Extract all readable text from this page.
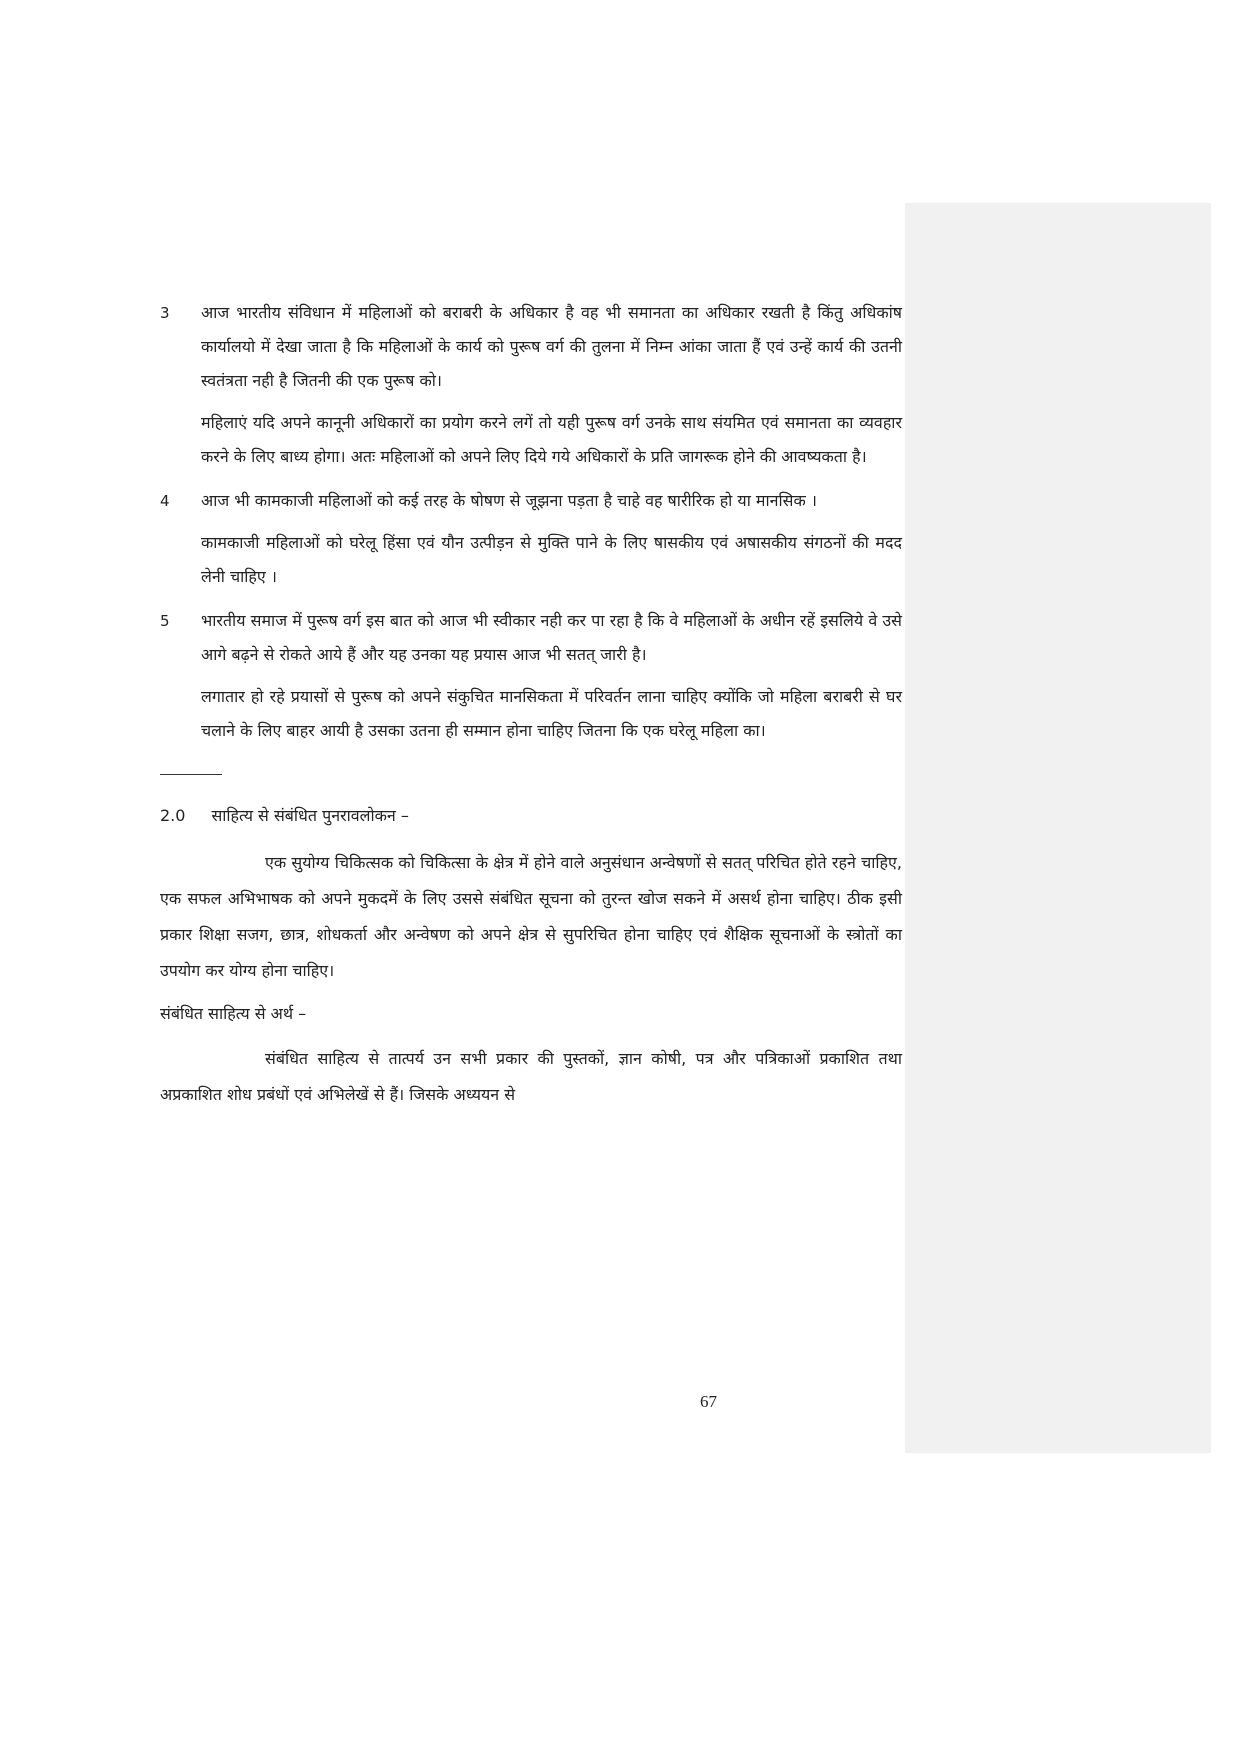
3 आज भारतीय संविधान में महिलाओं को बराबरी के अधिकार है वह भी समानता का अधिकार रखती है किंतु अधिकांष कार्यालयो में देखा जाता है कि महिलाओं के कार्य को पुरूष वर्ग की तुलना में निम्न आंका जाता हैं एवं उन्हें कार्य की उतनी स्वतंत्रता नही है जितनी की एक पुरूष को।

महिलाएं यदि अपने कानूनी अधिकारों का प्रयोग करने लगें तो यही पुरूष वर्ग उनके साथ संयमित एवं समानता का व्यवहार करने के लिए बाध्य होगा। अतः महिलाओं को अपने लिए दिये गये अधिकारों के प्रति जागरूक होने की आवष्यकता है।

4 आज भी कामकाजी महिलाओं को कई तरह के षोषण से जूझना पड़ता है चाहे वह षारीरिक हो या मानसिक ।

कामकाजी महिलाओं को घरेलू हिंसा एवं यौन उत्पीड़न से मुक्ति पाने के लिए षासकीय एवं अषासकीय संगठनों की मदद लेनी चाहिए ।

5 भारतीय समाज में पुरूष वर्ग इस बात को आज भी स्वीकार नही कर पा रहा है कि वे महिलाओं के अधीन रहें इसलिये वे उसे आगे बढ़ने से रोकते आये हैं और यह उनका यह प्रयास आज भी सतत् जारी है।

लगातार हो रहे प्रयासों से पुरूष को अपने संकुचित मानसिकता में परिवर्तन लाना चाहिए क्योंकि जो महिला बराबरी से घर चलाने के लिए बाहर आयी है उसका उतना ही सम्मान होना चाहिए जितना कि एक घरेलू महिला का।

2.0 साहित्य से संबंधित पुनरावलोकन –

एक सुयोग्य चिकित्सक को चिकित्सा के क्षेत्र में होने वाले अनुसंधान अन्वेषणों से सतत् परिचित होते रहने चाहिए, एक सफल अभिभाषक को अपने मुकदमें के लिए उससे संबंधित सूचना को तुरन्त खोज सकने में असर्थ होना चाहिए। ठीक इसी प्रकार शिक्षा सजग, छात्र, शोधकर्ता और अन्वेषण को अपने क्षेत्र से सुपरिचित होना चाहिए एवं शैक्षिक सूचनाओं के स्त्रोतों का उपयोग कर योग्य होना चाहिए।

संबंधित साहित्य से अर्थ –

संबंधित साहित्य से तात्पर्य उन सभी प्रकार की पुस्तकों, ज्ञान कोषी, पत्र और पत्रिकाओं प्रकाशित तथा अप्रकाशित शोध प्रबंधों एवं अभिलेखें से हैं। जिसके अध्ययन से

67
